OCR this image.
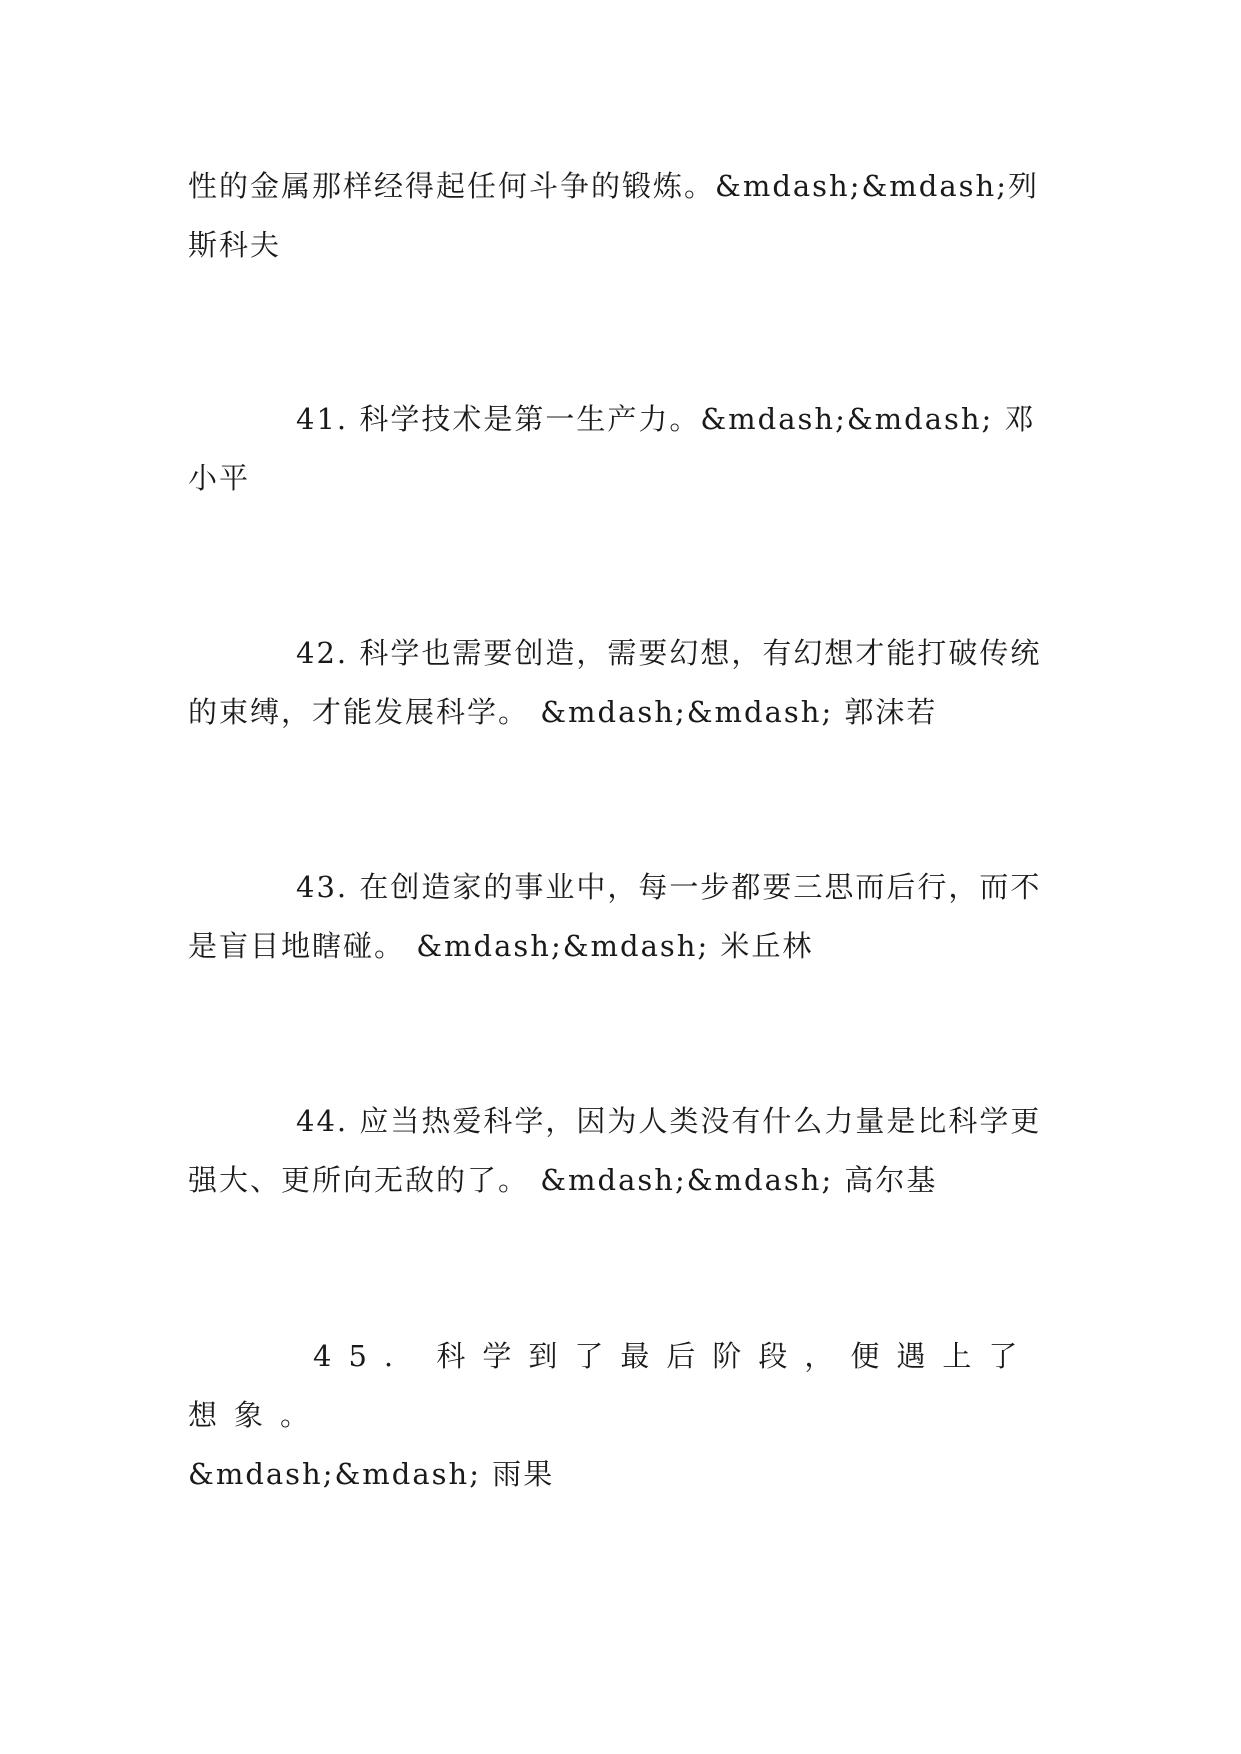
性的金属那样经得起任何斗争的锻炼。&mdash;&mdash;列斯科夫
41. 科学技术是第一生产力。&mdash;&mdash; 邓小平
42. 科学也需要创造，需要幻想，有幻想才能打破传统的束缚，才能发展科学。 &mdash;&mdash; 郭沫若
43. 在创造家的事业中，每一步都要三思而后行，而不是盲目地瞎碰。 &mdash;&mdash; 米丘林
44. 应当热爱科学，因为人类没有什么力量是比科学更强大、更所向无敌的了。 &mdash;&mdash; 高尔基
45. 科学到了最后阶段，便遇上了想象。
&mdash;&mdash; 雨果
